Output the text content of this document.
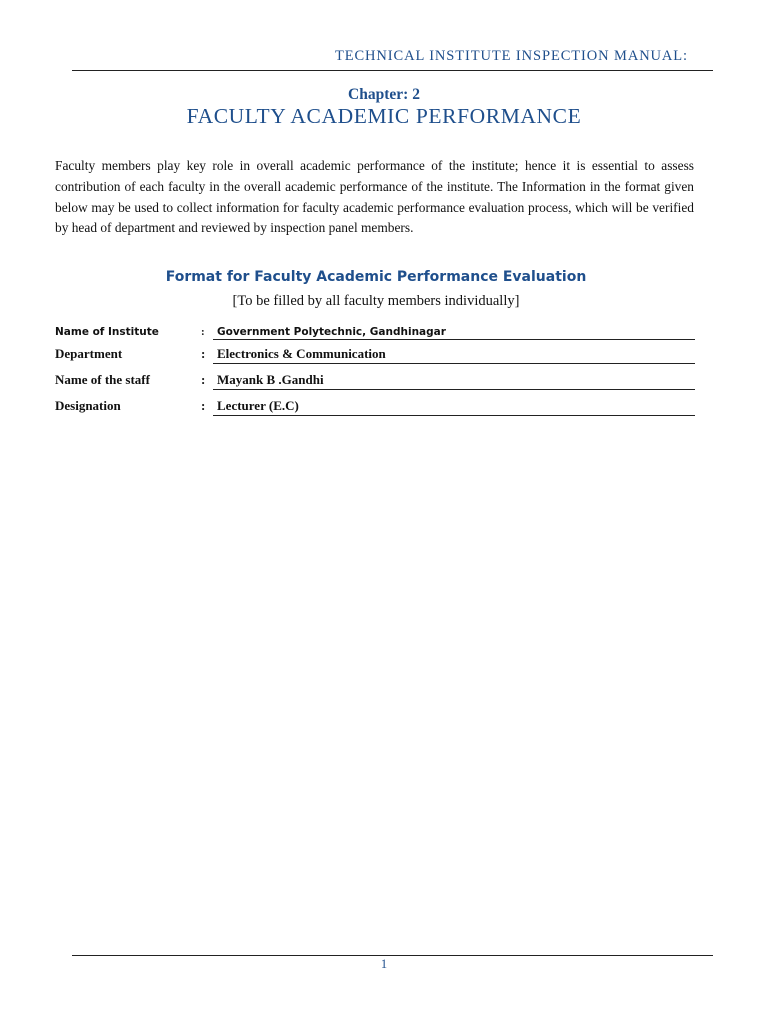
TECHNICAL INSTITUTE INSPECTION MANUAL:
Chapter: 2
FACULTY ACADEMIC PERFORMANCE

Faculty members play key role in overall academic performance of the institute; hence it is essential to assess contribution of each faculty in the overall academic performance of the institute. The Information in the format given below may be used to collect information for faculty academic performance evaluation process, which will be verified by head of department and reviewed by inspection panel members.

Format for Faculty Academic Performance Evaluation
[To be filled by all faculty members individually]
Name of Institute	: Government Polytechnic, Gandhinagar
Department	: Electronics & Communication
Name of the staff	: Mayank B .Gandhi
Designation	: Lecturer (E.C)
1
